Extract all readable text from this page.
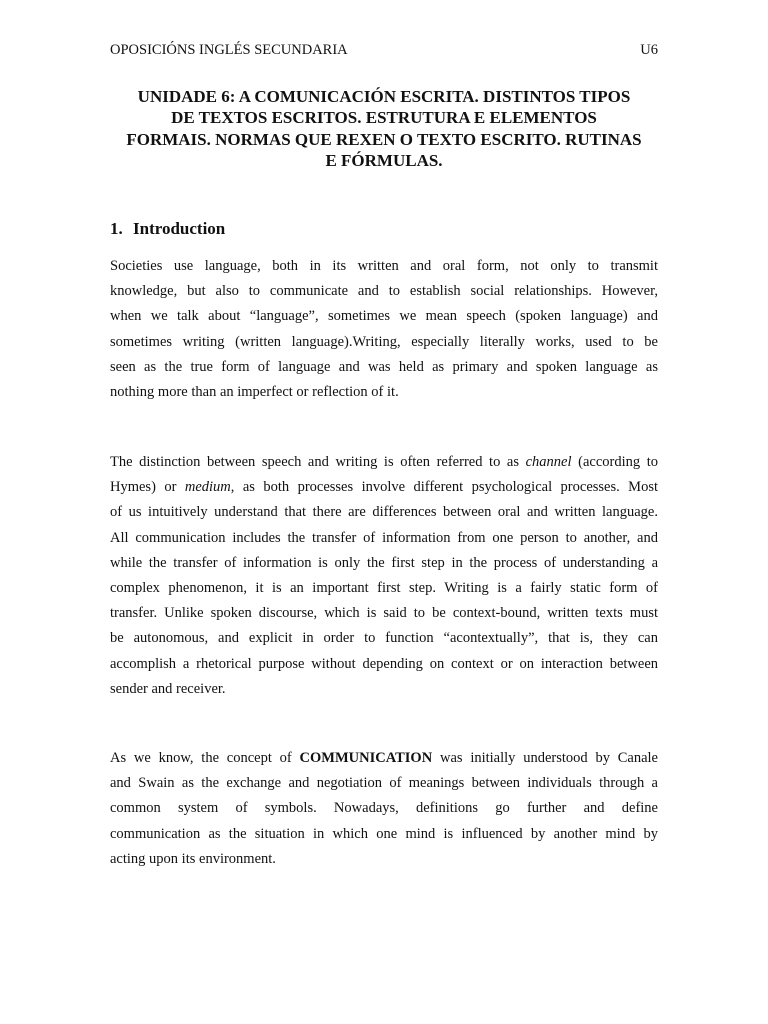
OPOSICIÓNS INGLÉS SECUNDARIA	U6
UNIDADE 6: A COMUNICACIÓN ESCRITA. DISTINTOS TIPOS
DE TEXTOS ESCRITOS. ESTRUTURA E ELEMENTOS
FORMAIS. NORMAS QUE REXEN O TEXTO ESCRITO. RUTINAS
E FÓRMULAS.
1. Introduction
Societies use language, both in its written and oral form, not only to transmit
knowledge, but also to communicate and to establish social relationships. However,
when we talk about “language”, sometimes we mean speech (spoken language) and
sometimes writing (written language).Writing, especially literally works, used to be
seen as the true form of language and was held as primary and spoken language as
nothing more than an imperfect or reflection of it.
The distinction between speech and writing is often referred to as channel (according to
Hymes) or medium, as both processes involve different psychological processes. Most
of us intuitively understand that there are differences between oral and written language.
All communication includes the transfer of information from one person to another, and
while the transfer of information is only the first step in the process of understanding a
complex phenomenon, it is an important first step. Writing is a fairly static form of
transfer. Unlike spoken discourse, which is said to be context-bound, written texts must
be autonomous, and explicit in order to function “acontextually”, that is, they can
accomplish a rhetorical purpose without depending on context or on interaction between
sender and receiver.
As we know, the concept of COMMUNICATION was initially understood by Canale
and Swain as the exchange and negotiation of meanings between individuals through a
common system of symbols. Nowadays, definitions go further and define
communication as the situation in which one mind is influenced by another mind by
acting upon its environment.
